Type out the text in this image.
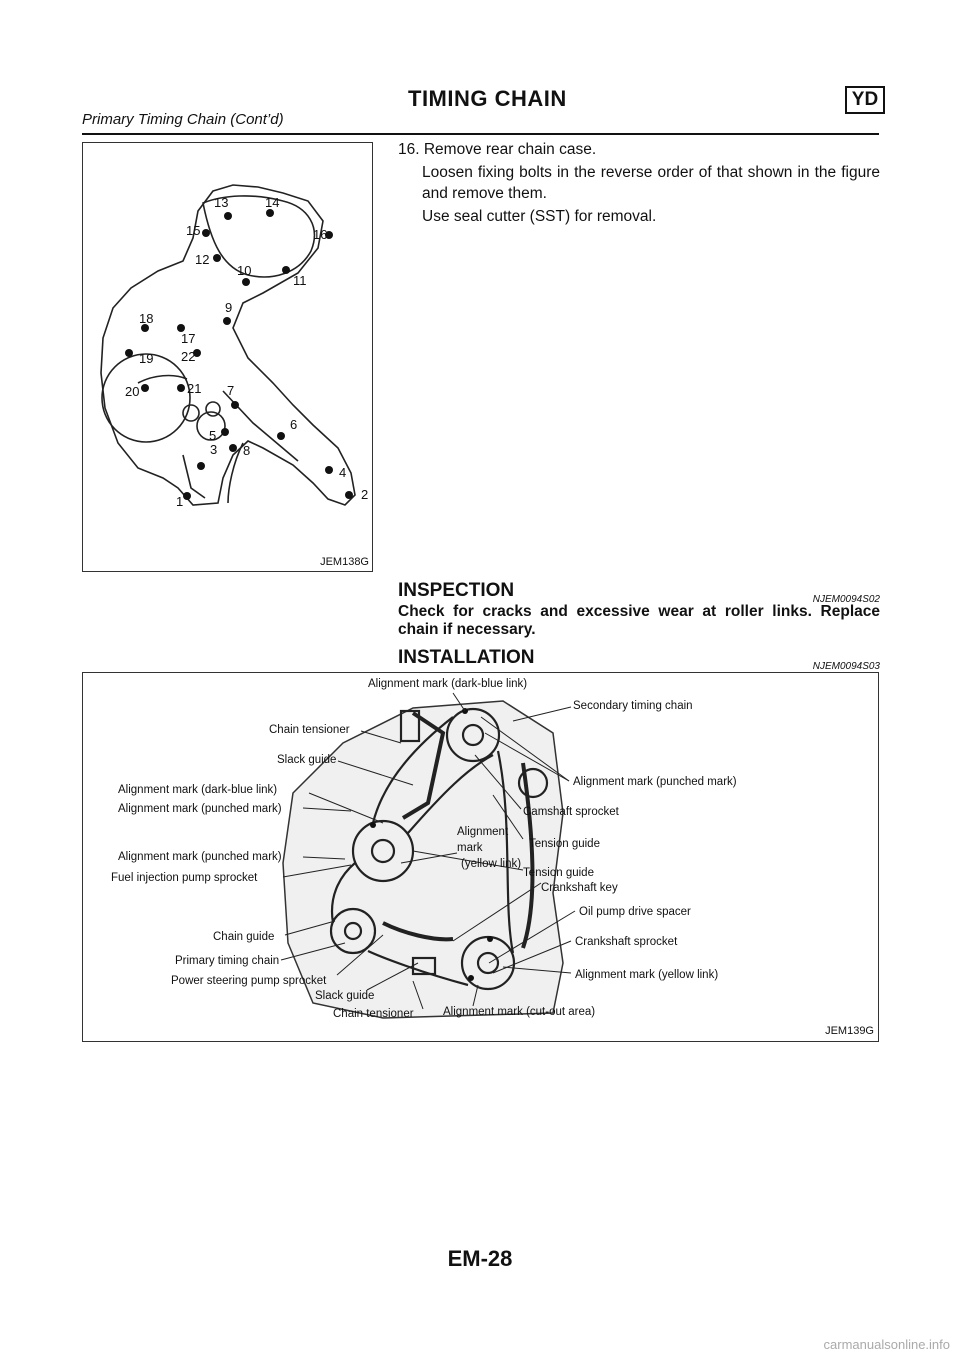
TIMING CHAIN	YD
Primary Timing Chain (Cont’d)
1	2
3
4
5
6
7
8
9
10
11
12
13	14
15	16
17
18
19
20	21
22
JEM138G

16. Remove rear chain case.

Loosen fixing bolts in the reverse order of that shown in the figure and remove them.

Use seal cutter (SST) for removal.

INSPECTION	NJEM0094S02
Check for cracks and excessive wear at roller links. Replace chain if necessary.
INSTALLATION	NJEM0094S03
Alignment mark (dark-blue link)
Secondary timing chain
Chain tensioner
Slack guide
Alignment mark (dark-blue link)
Alignment mark (punched mark)
Alignment mark (punched mark)	Camshaft sprocket
Tension guide
Alignment
mark
(yellow link)
Alignment mark (punched mark)
Tension guide
Fuel injection pump sprocket
Crankshaft key
Oil pump drive spacer
Chain guide	Crankshaft sprocket
Primary timing chain
Alignment mark (yellow link)
Power steering pump sprocket
Slack guide
Chain tensioner	Alignment mark (cut-out area)
JEM139G
EM-28
carmanualsonline.info
